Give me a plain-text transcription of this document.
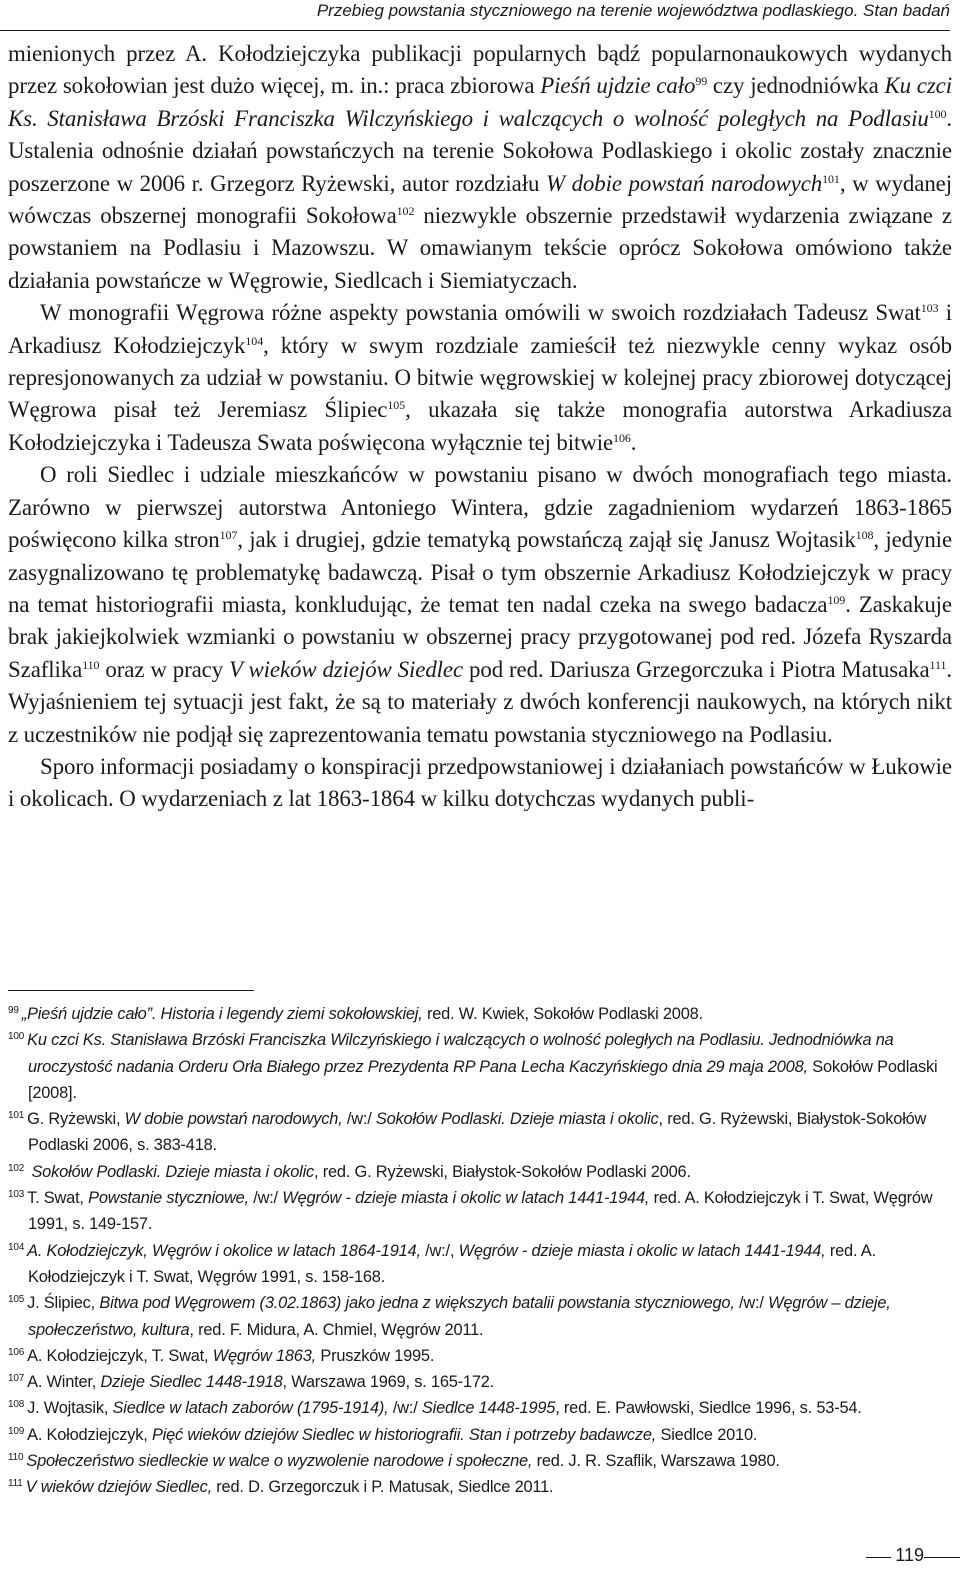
Przebieg powstania styczniowego na terenie województwa podlaskiego. Stan badań

mienionych przez A. Kołodziejczyka publikacji popularnych bądź popularnonaukowych wydanych przez sokołowian jest dużo więcej, m. in.: praca zbiorowa Pieśń ujdzie cało$^{99}$ czy jednodniówka Ku czci Ks. Stanisława Brzóski Franciszka Wilczyńskiego i walczących o wolność poległych na Podlasiu$^{100}$. Ustalenia odnośnie działań powstańczych na terenie Sokołowa Podlaskiego i okolic zostały znacznie poszerzone w 2006 r. Grzegorz Ryżewski, autor rozdziału W dobie powstań narodowych$^{101}$, w wydanej wówczas obszernej monografii Sokołowa$^{102}$ niezwykle obszernie przedstawił wydarzenia związane z powstaniem na Podlasiu i Mazowszu. W omawianym tekście oprócz Sokołowa omówiono także działania powstańcze w Węgrowie, Siedlcach i Siemiatyczach.

W monografii Węgrowa różne aspekty powstania omówili w swoich rozdziałach Tadeusz Swat$^{103}$ i Arkadiusz Kołodziejczyk$^{104}$, który w swym rozdziale zamieścił też niezwykle cenny wykaz osób represjonowanych za udział w powstaniu. O bitwie węgrowskiej w kolejnej pracy zbiorowej dotyczącej Węgrowa pisał też Jeremiasz Ślipiec$^{105}$, ukazała się także monografia autorstwa Arkadiusza Kołodziejczyka i Tadeusza Swata poświęcona wyłącznie tej bitwie$^{106}$.

O roli Siedlec i udziale mieszkańców w powstaniu pisano w dwóch monografiach tego miasta. Zarówno w pierwszej autorstwa Antoniego Wintera, gdzie zagadnieniom wydarzeń 1863-1865 poświęcono kilka stron$^{107}$, jak i drugiej, gdzie tematyką powstańczą zajął się Janusz Wojtasik$^{108}$, jedynie zasygnalizowano tę problematykę badawczą. Pisał o tym obszernie Arkadiusz Kołodziejczyk w pracy na temat historiografii miasta, konkludując, że temat ten nadal czeka na swego badacza$^{109}$. Zaskakuje brak jakiejkolwiek wzmianki o powstaniu w obszernej pracy przygotowanej pod red. Józefa Ryszarda Szaflika$^{110}$ oraz w pracy V wieków dziejów Siedlec pod red. Dariusza Grzegorczuka i Piotra Matusaka$^{111}$. Wyjaśnieniem tej sytuacji jest fakt, że są to materiały z dwóch konferencji naukowych, na których nikt z uczestników nie podjął się zaprezentowania tematu powstania styczniowego na Podlasiu.

Sporo informacji posiadamy o konspiracji przedpowstaniowej i działaniach powstańców w Łukowie i okolicach. O wydarzeniach z lat 1863-1864 w kilku dotychczas wydanych publi-

$^{99}$ „Pieśń ujdzie cało”. Historia i legendy ziemi sokołowskiej, red. W. Kwiek, Sokołów Podlaski 2008.
$^{100}$ Ku czci Ks. Stanisława Brzóski Franciszka Wilczyńskiego i walczących o wolność poległych na Podlasiu. Jednodniówka na uroczystość nadania Orderu Orła Białego przez Prezydenta RP Pana Lecha Kaczyńskiego dnia 29 maja 2008, Sokołów Podlaski [2008].
$^{101}$ G. Ryżewski, W dobie powstań narodowych, /w:/ Sokołów Podlaski. Dzieje miasta i okolic, red. G. Ryżewski, Białystok-Sokołów Podlaski 2006, s. 383-418.
$^{102}$ Sokołów Podlaski. Dzieje miasta i okolic, red. G. Ryżewski, Białystok-Sokołów Podlaski 2006.
$^{103}$ T. Swat, Powstanie styczniowe, /w:/ Węgrów - dzieje miasta i okolic w latach 1441-1944, red. A. Kołodziejczyk i T. Swat, Węgrów 1991, s. 149-157.
$^{104}$ A. Kołodziejczyk, Węgrów i okolice w latach 1864-1914, /w:/, Węgrów - dzieje miasta i okolic w latach 1441-1944, red. A. Kołodziejczyk i T. Swat, Węgrów 1991, s. 158-168.
$^{105}$ J. Ślipiec, Bitwa pod Węgrowem (3.02.1863) jako jedna z większych batalii powstania styczniowego, /w:/ Węgrów – dzieje, społeczeństwo, kultura, red. F. Midura, A. Chmiel, Węgrów 2011.
$^{106}$ A. Kołodziejczyk, T. Swat, Węgrów 1863, Pruszków 1995.
$^{107}$ A. Winter, Dzieje Siedlec 1448-1918, Warszawa 1969, s. 165-172.
$^{108}$ J. Wojtasik, Siedlce w latach zaborów (1795-1914), /w:/ Siedlce 1448-1995, red. E. Pawłowski, Siedlce 1996, s. 53-54.
$^{109}$ A. Kołodziejczyk, Pięć wieków dziejów Siedlec w historiografii. Stan i potrzeby badawcze, Siedlce 2010.
$^{110}$ Społeczeństwo siedleckie w walce o wyzwolenie narodowe i społeczne, red. J. R. Szaflik, Warszawa 1980.
$^{111}$ V wieków dziejów Siedlec, red. D. Grzegorczuk i P. Matusak, Siedlce 2011.
119
